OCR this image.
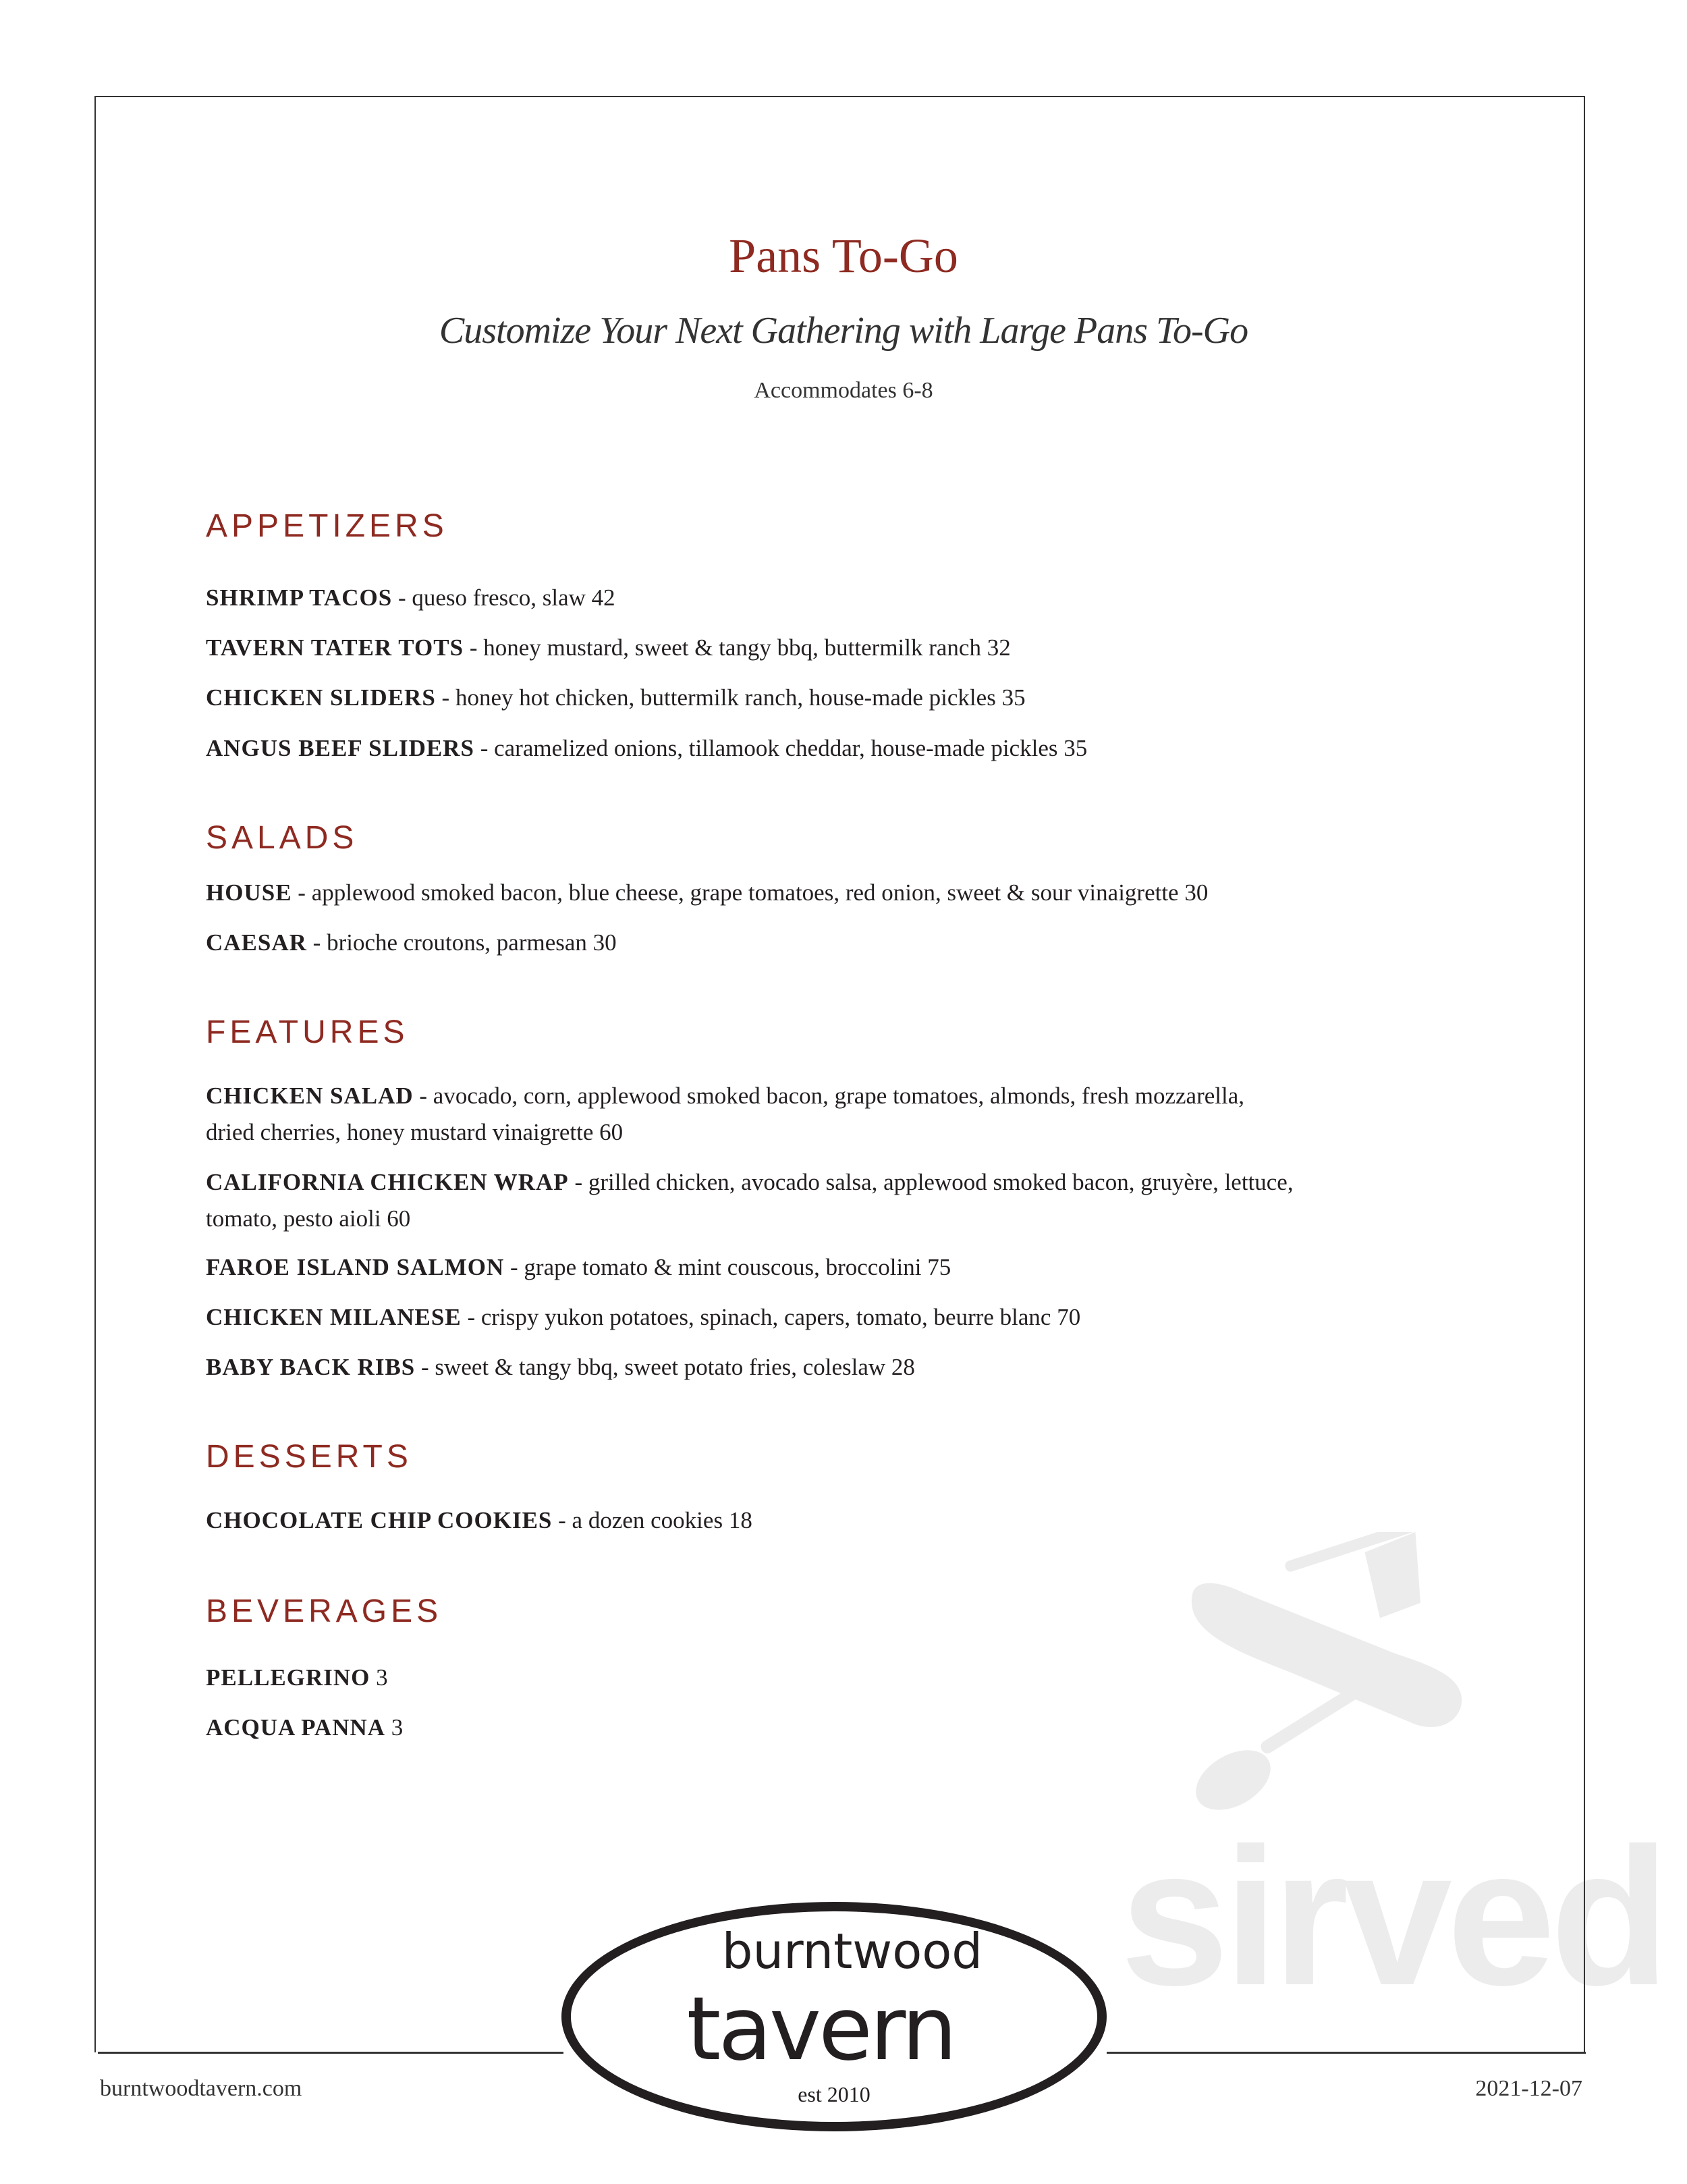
sirved
Pans To-Go
Customize Your Next Gathering with Large Pans To-Go
Accommodates 6-8
APPETIZERS
SHRIMP TACOS - queso fresco, slaw 42
TAVERN TATER TOTS - honey mustard, sweet & tangy bbq, buttermilk ranch 32
CHICKEN SLIDERS - honey hot chicken, buttermilk ranch, house-made pickles 35
ANGUS BEEF SLIDERS - caramelized onions, tillamook cheddar, house-made pickles 35
SALADS
HOUSE - applewood smoked bacon, blue cheese, grape tomatoes, red onion, sweet & sour vinaigrette 30
CAESAR - brioche croutons, parmesan 30
FEATURES
CHICKEN SALAD - avocado, corn, applewood smoked bacon, grape tomatoes, almonds, fresh mozzarella,
dried cherries, honey mustard vinaigrette 60
CALIFORNIA CHICKEN WRAP - grilled chicken, avocado salsa, applewood smoked bacon, gruyère, lettuce,
tomato, pesto aioli 60
FAROE ISLAND SALMON - grape tomato & mint couscous, broccolini 75
CHICKEN MILANESE - crispy yukon potatoes, spinach, capers, tomato, beurre blanc 70
BABY BACK RIBS - sweet & tangy bbq, sweet potato fries, coleslaw 28
DESSERTS
CHOCOLATE CHIP COOKIES - a dozen cookies 18
BEVERAGES
PELLEGRINO 3
ACQUA PANNA 3
burntwood
tavern
est 2010
burntwoodtavern.com	2021-12-07
